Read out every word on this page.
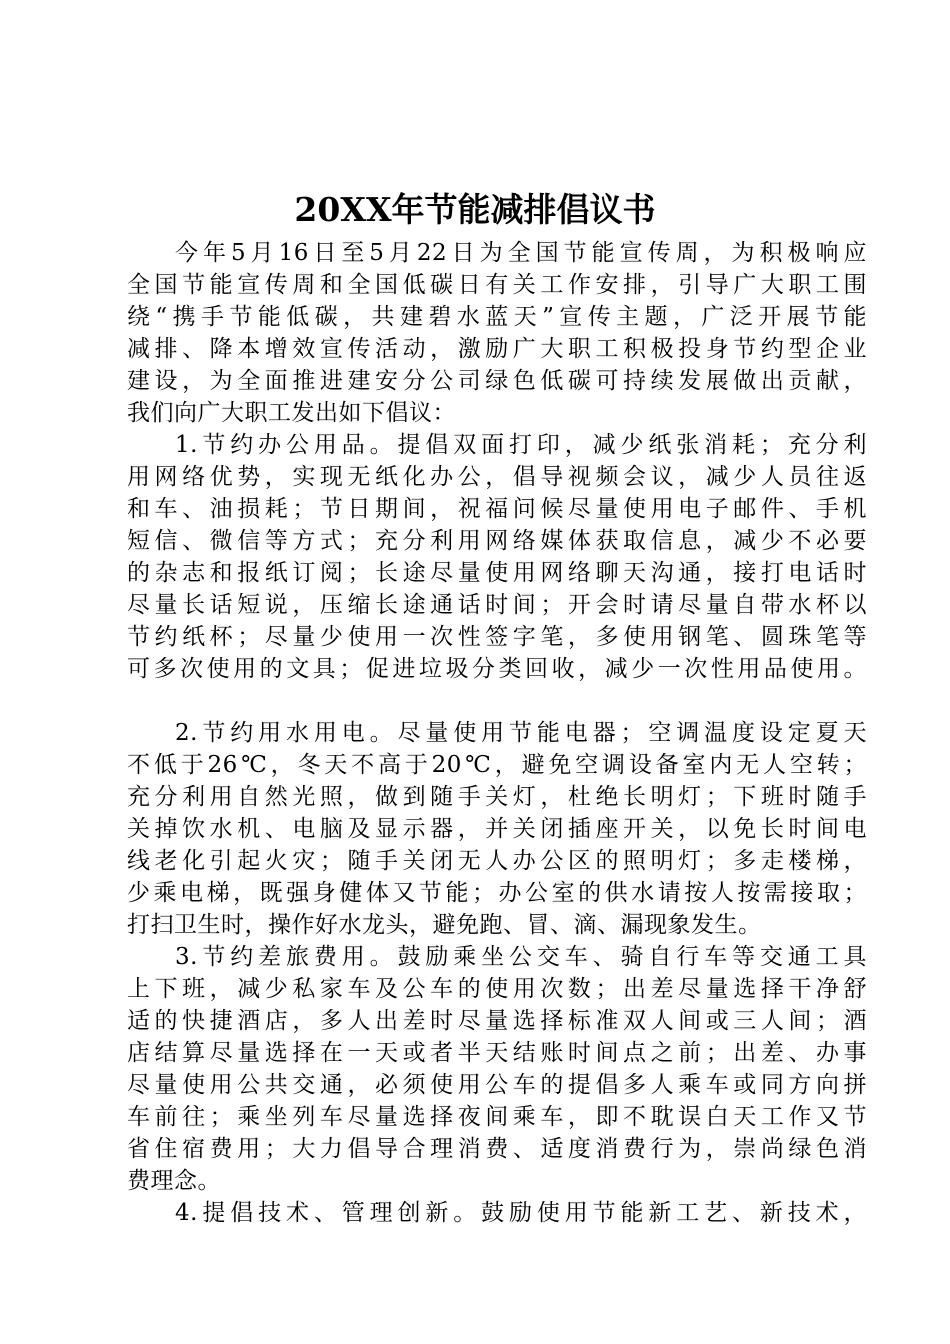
20XX年节能减排倡议书
今年5月16日至5月22日为全国节能宣传周，为积极响应
全国节能宣传周和全国低碳日有关工作安排，引导广大职工围
绕“携手节能低碳，共建碧水蓝天”宣传主题，广泛开展节能
减排、降本增效宣传活动，激励广大职工积极投身节约型企业
建设，为全面推进建安分公司绿色低碳可持续发展做出贡献，
我们向广大职工发出如下倡议：
1.节约办公用品。提倡双面打印，减少纸张消耗；充分利
用网络优势，实现无纸化办公，倡导视频会议，减少人员往返
和车、油损耗；节日期间，祝福问候尽量使用电子邮件、手机
短信、微信等方式；充分利用网络媒体获取信息，减少不必要
的杂志和报纸订阅；长途尽量使用网络聊天沟通，接打电话时
尽量长话短说，压缩长途通话时间；开会时请尽量自带水杯以
节约纸杯；尽量少使用一次性签字笔，多使用钢笔、圆珠笔等
可多次使用的文具；促进垃圾分类回收，减少一次性用品使用。
2.节约用水用电。尽量使用节能电器；空调温度设定夏天
不低于26℃，冬天不高于20℃，避免空调设备室内无人空转；
充分利用自然光照，做到随手关灯，杜绝长明灯；下班时随手
关掉饮水机、电脑及显示器，并关闭插座开关，以免长时间电
线老化引起火灾；随手关闭无人办公区的照明灯；多走楼梯，
少乘电梯，既强身健体又节能；办公室的供水请按人按需接取；
打扫卫生时，操作好水龙头，避免跑、冒、滴、漏现象发生。
3.节约差旅费用。鼓励乘坐公交车、骑自行车等交通工具
上下班，减少私家车及公车的使用次数；出差尽量选择干净舒
适的快捷酒店，多人出差时尽量选择标准双人间或三人间；酒
店结算尽量选择在一天或者半天结账时间点之前；出差、办事
尽量使用公共交通，必须使用公车的提倡多人乘车或同方向拼
车前往；乘坐列车尽量选择夜间乘车，即不耽误白天工作又节
省住宿费用；大力倡导合理消费、适度消费行为，崇尚绿色消
费理念。
4.提倡技术、管理创新。鼓励使用节能新工艺、新技术，
